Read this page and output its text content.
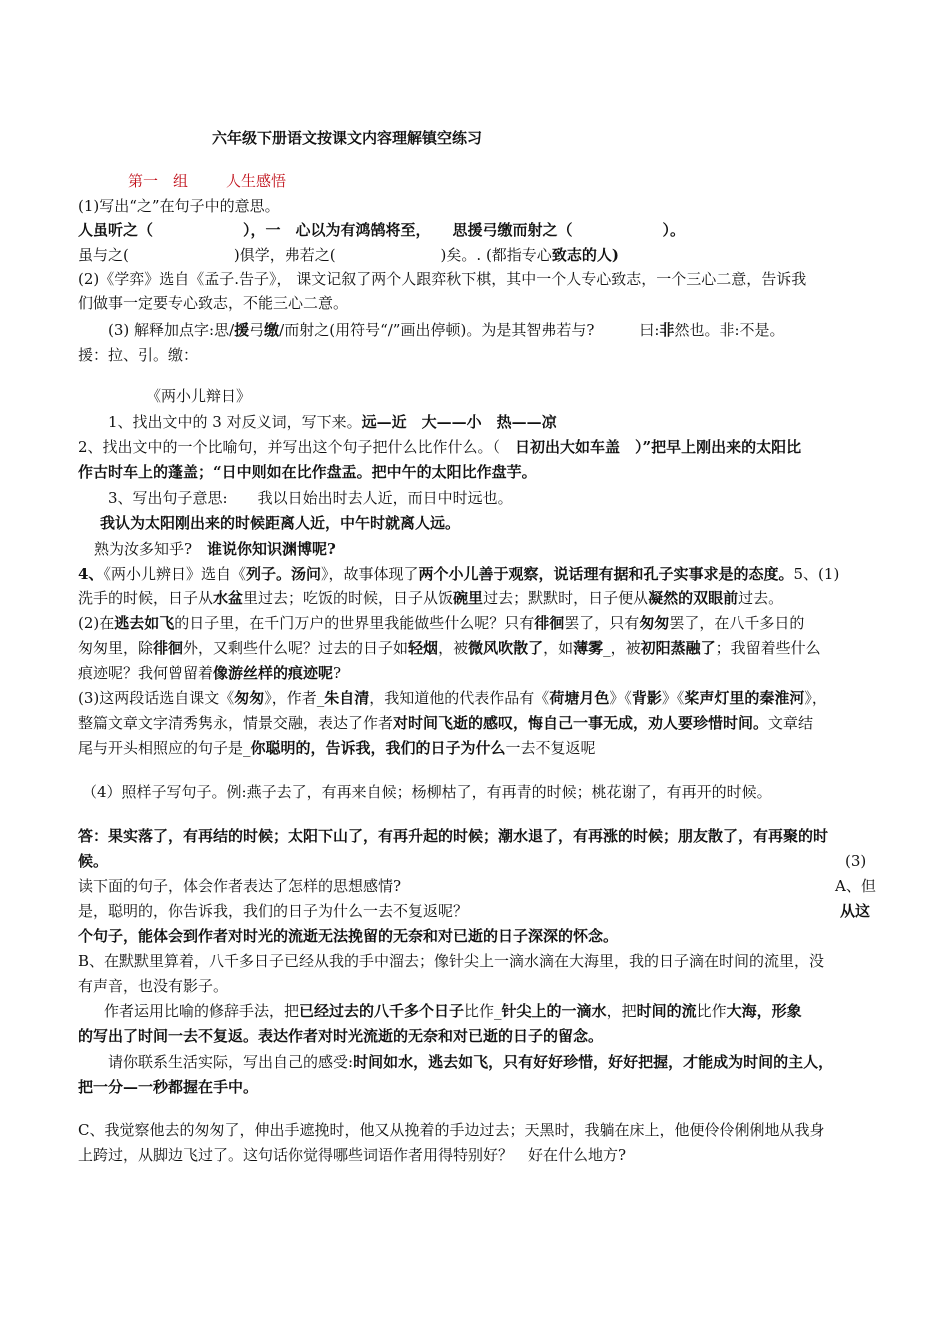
六年级下册语文按课文内容理解镇空练习
第一　组	人生感悟
(1)写出“之”在句子中的意思。
人虽听之（　　　　　　），一　心以为有鸿鹄将至， 思援弓缴而射之（　　　　　　）。
虽与之(　　　　　　　)俱学，弗若之(　　　　　　　)矣。. (都指专心致志的人)
(2)《学弈》选自《孟子.告子》， 课文记叙了两个人跟弈秋下棋，其中一个人专心致志，一个三心二意，告诉我
们做事一定要专心致志，不能三心二意。
(3) 解释加点字:思/援弓缴/而射之(用符号“/”画出停顿)。为是其智弗若与?　　　曰:非然也。非:不是。
援：拉、引。缴：
《两小儿辩日》
1、找出文中的 3 对反义词，写下来。远—近　大——小　热——凉
2、找出文中的一个比喻句，并写出这个句子把什么比作什么。（　日初出大如车盖　）”把早上刚出来的太阳比
作古时车上的蓬盖；“日中则如在比作盘盂。把中午的太阳比作盘芋。
3、写出句子意思:　　我以日始出时去人近，而日中时远也。
我认为太阳刚出来的时候距离人近，中午时就离人远。
熟为汝多知乎?　谁说你知识渊博呢?
4、《两小儿辨日》选自《列子。汤问》，故事体现了两个小儿善于观察，说话理有据和孔子实事求是的态度。5、(1)
洗手的时候，日子从水盆里过去；吃饭的时候，日子从饭碗里过去；默默时，日子便从凝然的双眼前过去。
(2)在逃去如飞的日子里，在千门万户的世界里我能做些什么呢？只有徘徊罢了，只有匆匆罢了，在八千多日的
匆匆里，除徘徊外，又剩些什么呢？过去的日子如轻烟，被微风吹散了，如薄雾_，被初阳蒸融了；我留着些什么
痕迹呢？我何曾留着像游丝样的痕迹呢?
(3)这两段话选自课文《匆匆》，作者_朱自清，我知道他的代表作品有《荷塘月色》《背影》《桨声灯里的秦淮河》，
整篇文章文字清秀隽永，情景交融，表达了作者对时间飞逝的感叹，悔自己一事无成，劝人要珍惜时间。文章结
尾与开头相照应的句子是_你聪明的，告诉我，我们的日子为什么一去不复返呢
（4）照样子写句子。例:燕子去了，有再来自候；杨柳枯了，有再青的时候；桃花谢了，有再开的时候。
答：果实落了，有再结的时候；太阳下山了，有再升起的时候；潮水退了，有再涨的时候；朋友散了，有再聚的时
候。	(3)
读下面的句子，体会作者表达了怎样的思想感情?	A、但
是，聪明的，你告诉我，我们的日子为什么一去不复返呢？	从这
个句子，能体会到作者对时光的流逝无法挽留的无奈和对已逝的日子深深的怀念。
B、在默默里算着，八千多日子已经从我的手中溜去；像针尖上一滴水滴在大海里，我的日子滴在时间的流里，没
有声音，也没有影子。
作者运用比喻的修辞手法，把已经过去的八千多个日子比作_针尖上的一滴水，把时间的流比作大海，形象
的写出了时间一去不复返。表达作者对时光流逝的无奈和对已逝的日子的留念。
请你联系生活实际，写出自己的感受:时间如水，逃去如飞，只有好好珍惜，好好把握，才能成为时间的主人，
把一分—一秒都握在手中。
C、我觉察他去的匆匆了，伸出手遮挽时，他又从挽着的手边过去；天黑时，我躺在床上，他便伶伶俐俐地从我身
上跨过，从脚边飞过了。这句话你觉得哪些词语作者用得特别好？　好在什么地方?
